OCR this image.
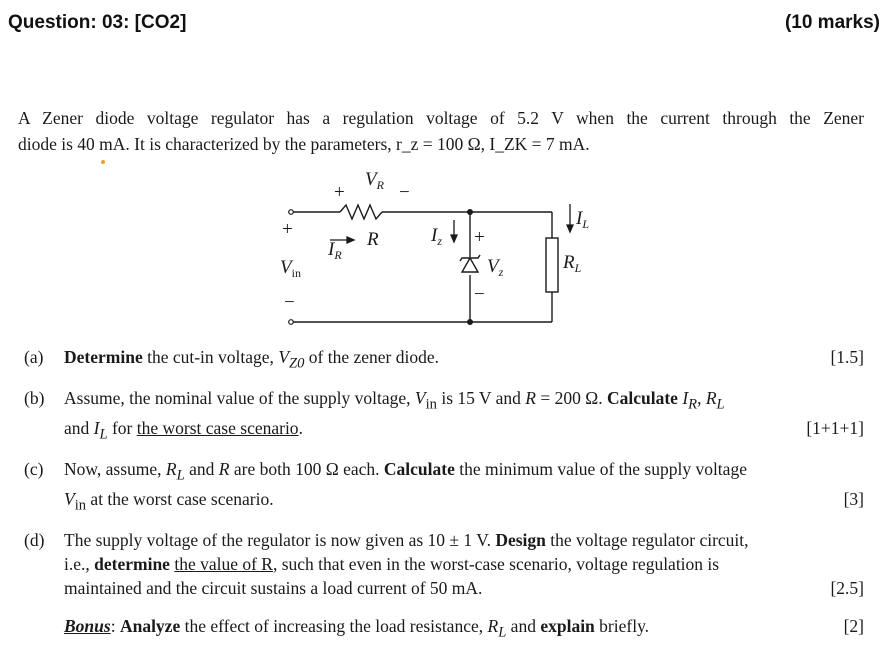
Question: 03: [CO2]	(10 marks)
A Zener diode voltage regulator has a regulation voltage of 5.2 V when the current through the Zener
diode is 40 mA. It is characterized by the parameters, r_z = 100 Ω, I_ZK = 7 mA.
$V_R$
+	−
R
$I_R$
$I_z$ +
$V_z$
−
$I_L$
$R_L$
+
$V_{in}$
−
(a) Determine the cut-in voltage, $V_{Z0}$ of the zener diode.	[1.5]
(b) Assume, the nominal value of the supply voltage, $V_{in}$ is 15 V and R = 200 Ω. Calculate $I_R$, $R_L$
and $I_L$ for the worst case scenario.	[1+1+1]
(c) Now, assume, $R_L$ and R are both 100 Ω each. Calculate the minimum value of the supply voltage
$V_{in}$ at the worst case scenario.	[3]
(d) The supply voltage of the regulator is now given as 10 ± 1 V. Design the voltage regulator circuit,
i.e., determine the value of R, such that even in the worst-case scenario, voltage regulation is
maintained and the circuit sustains a load current of 50 mA.	[2.5]
Bonus: Analyze the effect of increasing the load resistance, $R_L$ and explain briefly.	[2]
